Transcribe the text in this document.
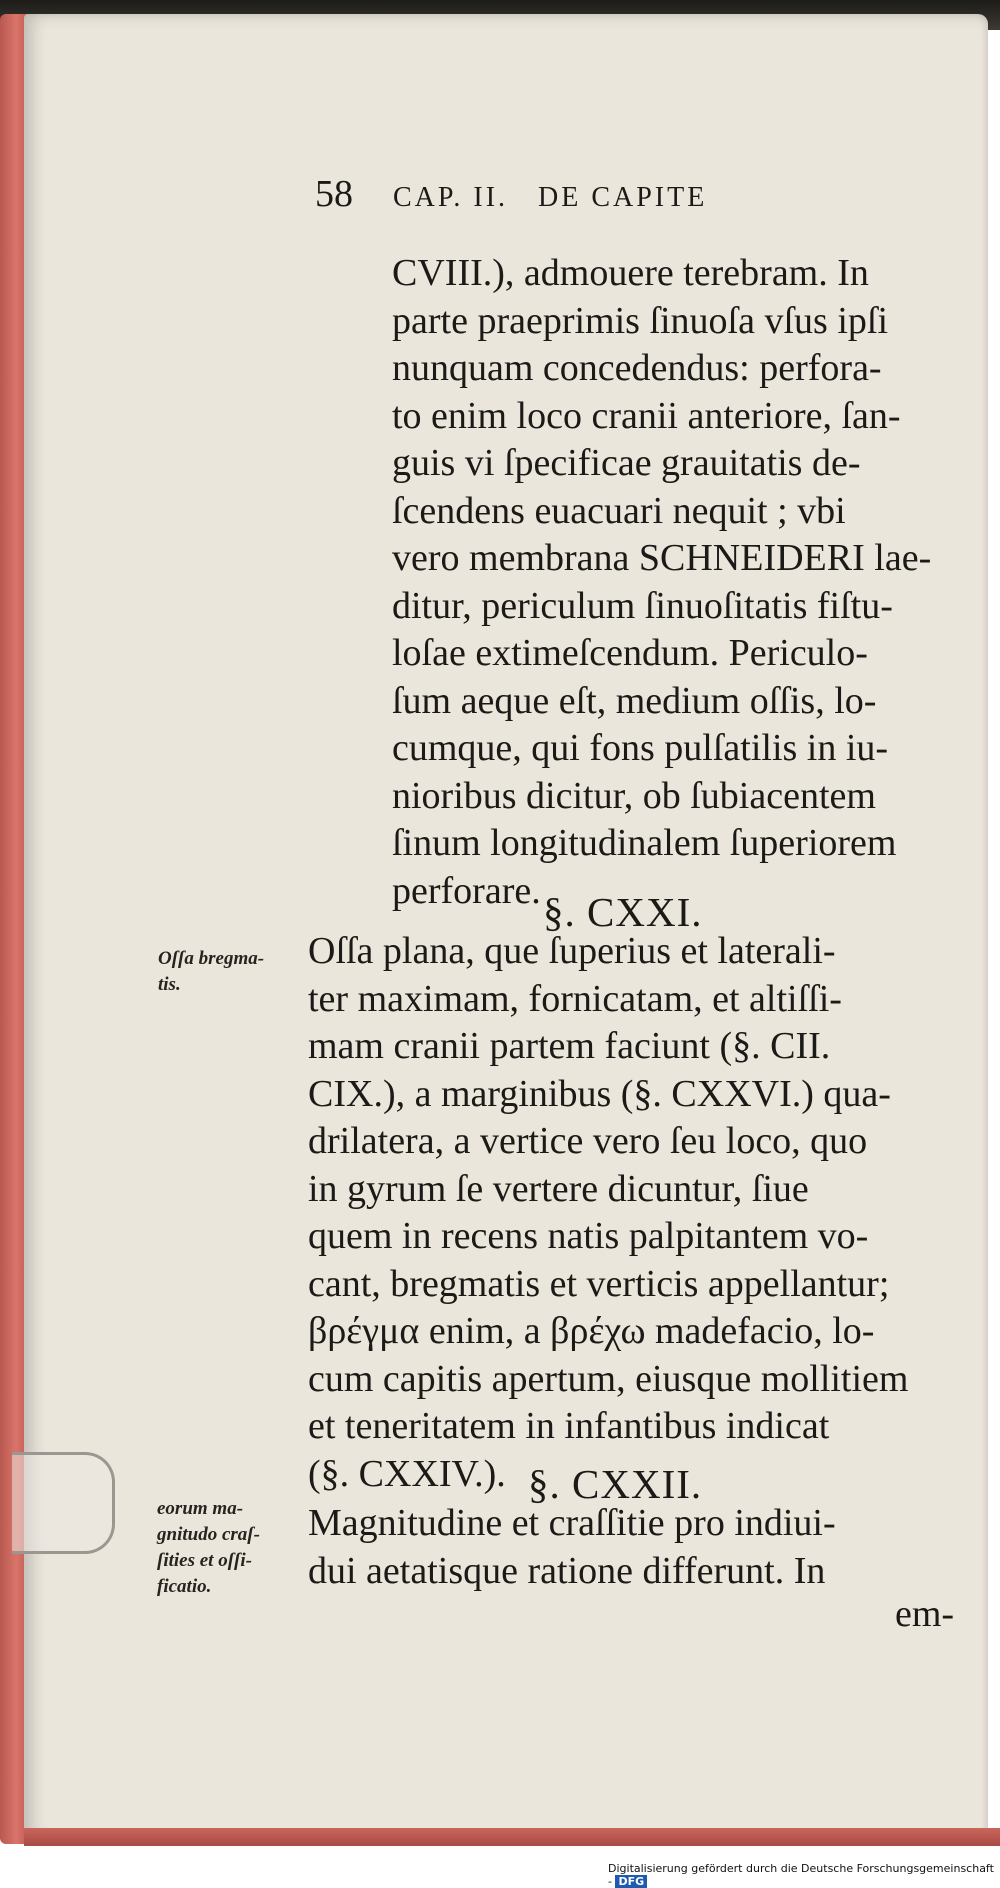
58 CAP. II.   DE CAPITE
CVIII.), admouere terebram. In
parte praeprimis ſinuoſa vſus ipſi
nunquam concedendus: perfora-
to enim loco cranii anteriore, ſan-
guis vi ſpecificae grauitatis de-
ſcendens euacuari nequit ; vbi
vero membrana SCHNEIDERI lae-
ditur, periculum ſinuoſitatis fiſtu-
loſae extimeſcendum. Periculo-
ſum aeque eſt, medium oſſis, lo-
cumque, qui fons pulſatilis in iu-
nioribus dicitur, ob ſubiacentem
ſinum longitudinalem ſuperiorem
perforare. §. CXXI.
Oſſa bregma-
tis.
Oſſa plana, que ſuperius et laterali-
ter maximam, fornicatam, et altiſſi-
mam cranii partem faciunt (§. CII.
CIX.), a marginibus (§. CXXVI.) qua-
drilatera, a vertice vero ſeu loco, quo
in gyrum ſe vertere dicuntur, ſiue
quem in recens natis palpitantem vo-
cant, bregmatis et verticis appellantur;
βρέγμα enim, a βρέχω madefacio, lo-
cum capitis apertum, eiusque mollitiem
et teneritatem in infantibus indicat
(§. CXXIV.). §. CXXII.
eorum ma-
gnitudo craſ-
ſities et oſſi-
ficatio.
Magnitudine et craſſitie pro indiui-
dui aetatisque ratione differunt. In
em-
Digitalisierung gefördert durch die Deutsche Forschungsgemeinschaft - DFG
